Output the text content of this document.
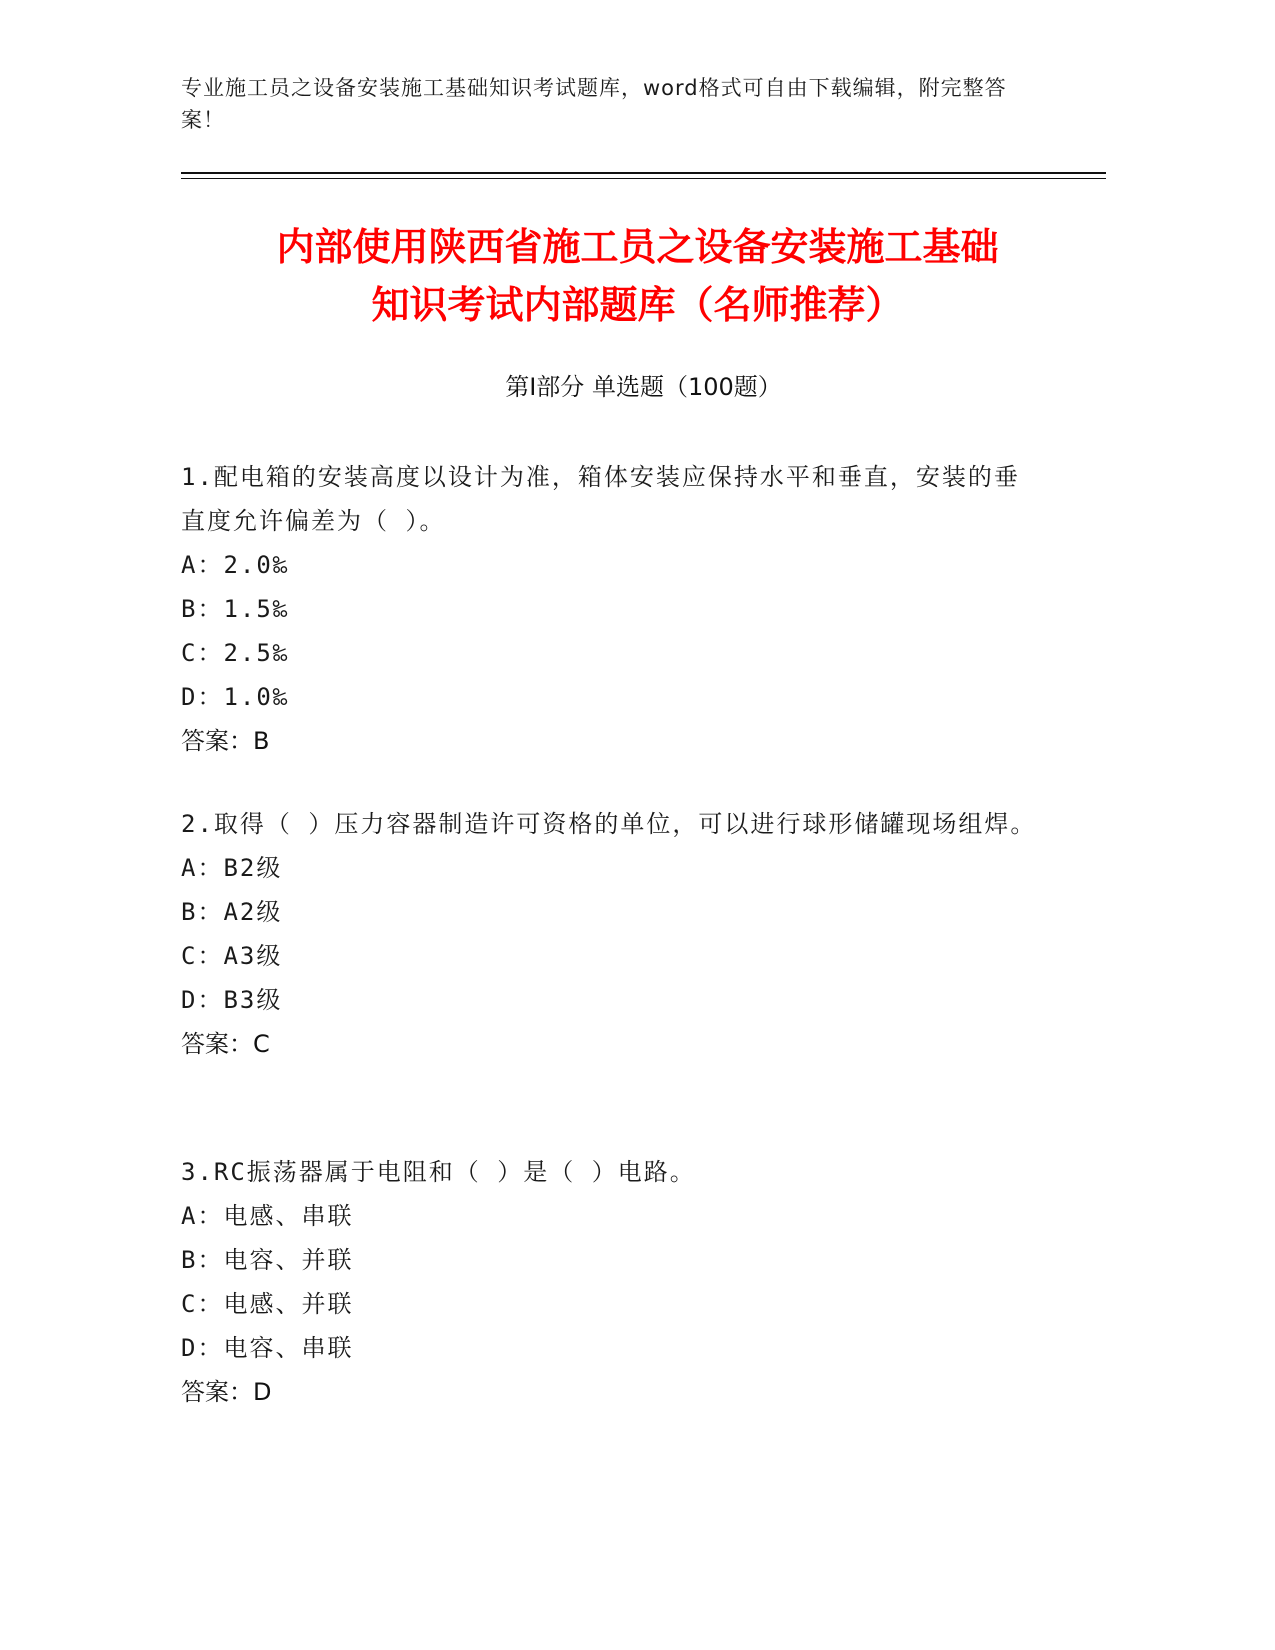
专业施工员之设备安装施工基础知识考试题库，word格式可自由下载编辑，附完整答案！
内部使用陕西省施工员之设备安装施工基础
知识考试内部题库（名师推荐）
第Ⅰ部分 单选题（100题）
1.配电箱的安装高度以设计为准，箱体安装应保持水平和垂直，安装的垂直度允许偏差为（ ）。
A：2.0‰
B：1.5‰
C：2.5‰
D：1.0‰
答案：B
2.取得（ ）压力容器制造许可资格的单位，可以进行球形储罐现场组焊。
A：B2级
B：A2级
C：A3级
D：B3级
答案：C
3.RC振荡器属于电阻和（ ）是（ ）电路。
A：电感、串联
B：电容、并联
C：电感、并联
D：电容、串联
答案：D
